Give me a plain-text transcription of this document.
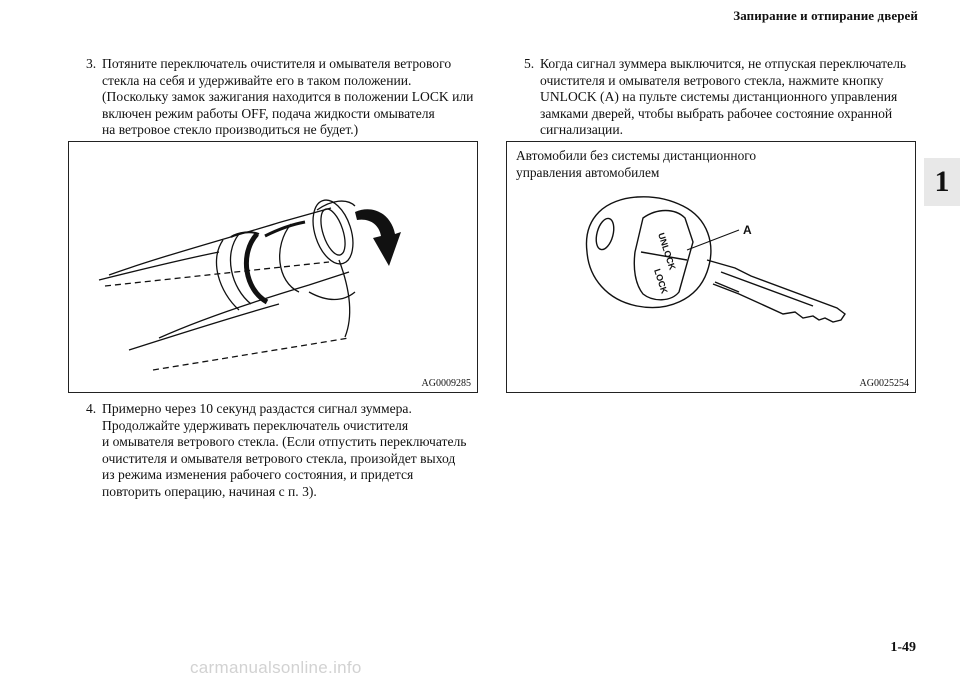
Запирание и отпирание дверей
1
3. Потяните переключатель очистителя и омывателя ветрового
стекла на себя и удерживайте его в таком положении.
(Поскольку замок зажигания находится в положении LOCK или
включен режим работы OFF, подача жидкости омывателя
на ветровое стекло производиться не будет.)
5. Когда сигнал зуммера выключится, не отпуская переключатель
очистителя и омывателя ветрового стекла, нажмите кнопку
UNLOCK (A) на пульте системы дистанционного управления
замками дверей, чтобы выбрать рабочее состояние охранной
сигнализации.
AG0009285
Автомобили без системы дистанционного
управления автомобилем
A
UNLOCK
LOCK
AG0025254
4. Примерно через 10 секунд раздастся сигнал зуммера.
Продолжайте удерживать переключатель очистителя
и омывателя ветрового стекла. (Если отпустить переключатель
очистителя и омывателя ветрового стекла, произойдет выход
из режима изменения рабочего состояния, и придется
повторить операцию, начиная с п. 3).
1-49
carmanualsonline.info
